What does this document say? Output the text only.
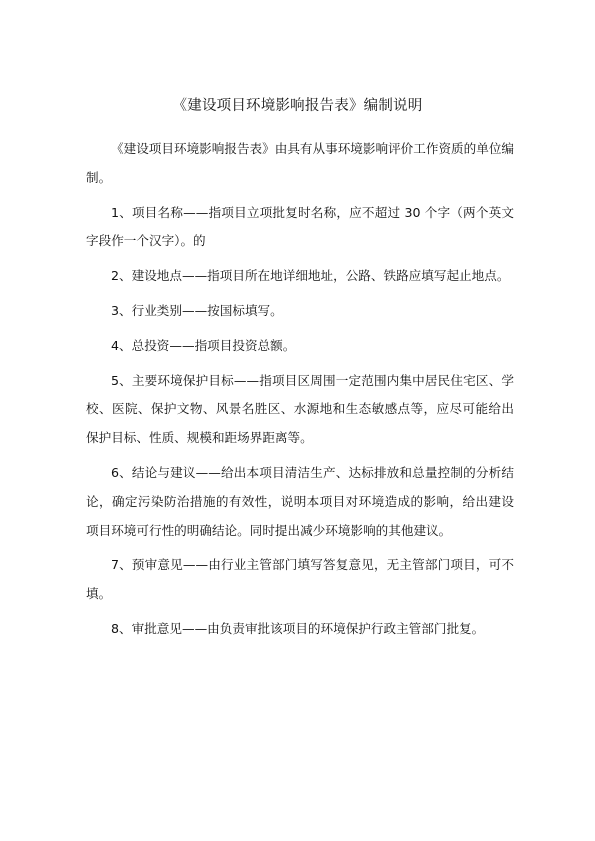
《建设项目环境影响报告表》编制说明

《建设项目环境影响报告表》由具有从事环境影响评价工作资质的单位编制。

1、项目名称——指项目立项批复时名称，应不超过 30 个字（两个英文字段作一个汉字）。的

2、建设地点——指项目所在地详细地址，公路、铁路应填写起止地点。

3、行业类别——按国标填写。

4、总投资——指项目投资总额。

5、主要环境保护目标——指项目区周围一定范围内集中居民住宅区、学校、医院、保护文物、风景名胜区、水源地和生态敏感点等，应尽可能给出保护目标、性质、规模和距场界距离等。

6、结论与建议——给出本项目清洁生产、达标排放和总量控制的分析结论，确定污染防治措施的有效性，说明本项目对环境造成的影响，给出建设项目环境可行性的明确结论。同时提出减少环境影响的其他建议。

7、预审意见——由行业主管部门填写答复意见，无主管部门项目，可不填。

8、审批意见——由负责审批该项目的环境保护行政主管部门批复。
